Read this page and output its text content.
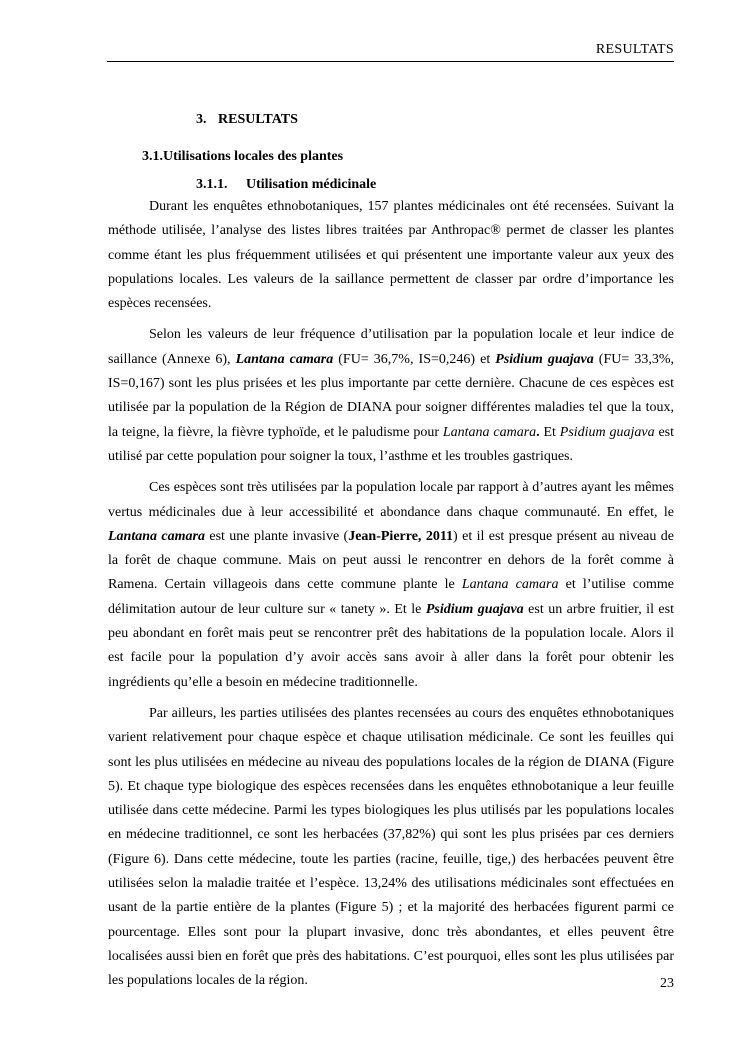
RESULTATS
3. RESULTATS
3.1.Utilisations locales des plantes
3.1.1. Utilisation médicinale

Durant les enquêtes ethnobotaniques, 157 plantes médicinales ont été recensées. Suivant la méthode utilisée, l’analyse des listes libres traitées par Anthropac® permet de classer les plantes comme étant les plus fréquemment utilisées et qui présentent une importante valeur aux yeux des populations locales. Les valeurs de la saillance permettent de classer par ordre d’importance les espèces recensées.

Selon les valeurs de leur fréquence d’utilisation par la population locale et leur indice de saillance (Annexe 6), Lantana camara (FU= 36,7%, IS=0,246) et Psidium guajava (FU= 33,3%, IS=0,167) sont les plus prisées et les plus importante par cette dernière. Chacune de ces espèces est utilisée par la population de la Région de DIANA pour soigner différentes maladies tel que la toux, la teigne, la fièvre, la fièvre typhoïde, et le paludisme pour Lantana camara. Et Psidium guajava est utilisé par cette population pour soigner la toux, l’asthme et les troubles gastriques.

Ces espèces sont très utilisées par la population locale par rapport à d’autres ayant les mêmes vertus médicinales due à leur accessibilité et abondance dans chaque communauté. En effet, le Lantana camara est une plante invasive (Jean-Pierre, 2011) et il est presque présent au niveau de la forêt de chaque commune. Mais on peut aussi le rencontrer en dehors de la forêt comme à Ramena. Certain villageois dans cette commune plante le Lantana camara et l’utilise comme délimitation autour de leur culture sur « tanety ». Et le Psidium guajava est un arbre fruitier, il est peu abondant en forêt mais peut se rencontrer prêt des habitations de la population locale. Alors il est facile pour la population d’y avoir accès sans avoir à aller dans la forêt pour obtenir les ingrédients qu’elle a besoin en médecine traditionnelle.

Par ailleurs, les parties utilisées des plantes recensées au cours des enquêtes ethnobotaniques varient relativement pour chaque espèce et chaque utilisation médicinale. Ce sont les feuilles qui sont les plus utilisées en médecine au niveau des populations locales de la région de DIANA (Figure 5). Et chaque type biologique des espèces recensées dans les enquêtes ethnobotanique a leur feuille utilisée dans cette médecine. Parmi les types biologiques les plus utilisés par les populations locales en médecine traditionnel, ce sont les herbacées (37,82%) qui sont les plus prisées par ces derniers (Figure 6). Dans cette médecine, toute les parties (racine, feuille, tige,) des herbacées peuvent être utilisées selon la maladie traitée et l’espèce. 13,24% des utilisations médicinales sont effectuées en usant de la partie entière de la plantes (Figure 5) ; et la majorité des herbacées figurent parmi ce pourcentage. Elles sont pour la plupart invasive, donc très abondantes, et elles peuvent être localisées aussi bien en forêt que près des habitations. C’est pourquoi, elles sont les plus utilisées par les populations locales de la région.	23
